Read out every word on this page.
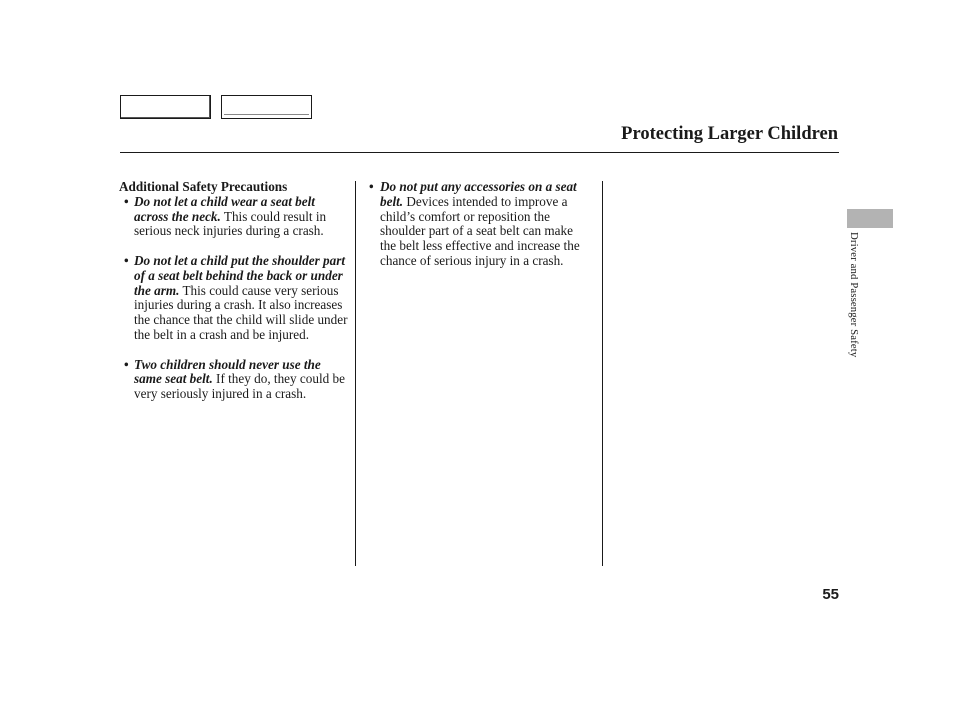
Protecting Larger Children
Additional Safety Precautions
• Do not let a child wear a seat belt across the neck. This could result in serious neck injuries during a crash.
• Do not let a child put the shoulder part of a seat belt behind the back or under the arm. This could cause very serious injuries during a crash. It also increases the chance that the child will slide under the belt in a crash and be injured.
• Two children should never use the same seat belt. If they do, they could be very seriously injured in a crash.
• Do not put any accessories on a seat belt. Devices intended to improve a child’s comfort or reposition the shoulder part of a seat belt can make the belt less effective and increase the chance of serious injury in a crash.	Driver and Passenger Safety
55
